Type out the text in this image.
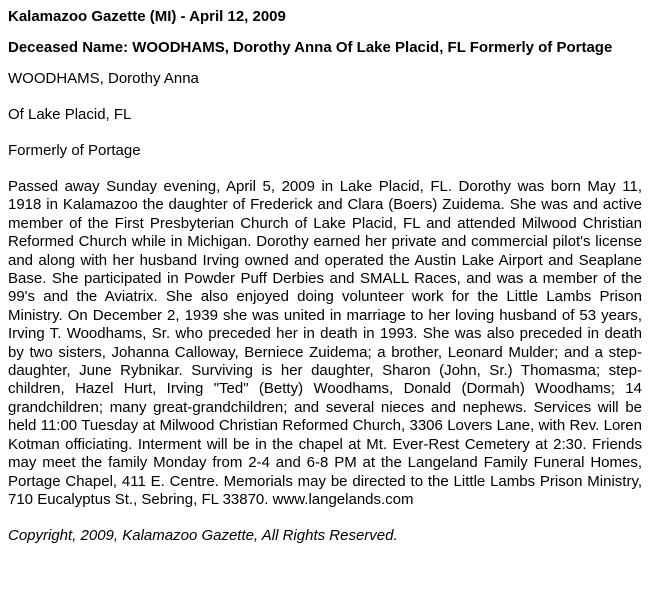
Kalamazoo Gazette (MI) - April 12, 2009
Deceased Name: WOODHAMS, Dorothy Anna Of Lake Placid, FL Formerly of Portage
WOODHAMS, Dorothy Anna
Of Lake Placid, FL
Formerly of Portage
Passed away Sunday evening, April 5, 2009 in Lake Placid, FL. Dorothy was born May 11, 1918 in Kalamazoo the daughter of Frederick and Clara (Boers) Zuidema. She was and active member of the First Presbyterian Church of Lake Placid, FL and attended Milwood Christian Reformed Church while in Michigan. Dorothy earned her private and commercial pilot's license and along with her husband Irving owned and operated the Austin Lake Airport and Seaplane Base. She participated in Powder Puff Derbies and SMALL Races, and was a member of the 99's and the Aviatrix. She also enjoyed doing volunteer work for the Little Lambs Prison Ministry. On December 2, 1939 she was united in marriage to her loving husband of 53 years, Irving T. Woodhams, Sr. who preceded her in death in 1993. She was also preceded in death by two sisters, Johanna Calloway, Berniece Zuidema; a brother, Leonard Mulder; and a step-daughter, June Rybnikar. Surviving is her daughter, Sharon (John, Sr.) Thomasma; step-children, Hazel Hurt, Irving "Ted" (Betty) Woodhams, Donald (Dormah) Woodhams; 14 grandchildren; many great-grandchildren; and several nieces and nephews. Services will be held 11:00 Tuesday at Milwood Christian Reformed Church, 3306 Lovers Lane, with Rev. Loren Kotman officiating. Interment will be in the chapel at Mt. Ever-Rest Cemetery at 2:30. Friends may meet the family Monday from 2-4 and 6-8 PM at the Langeland Family Funeral Homes, Portage Chapel, 411 E. Centre. Memorials may be directed to the Little Lambs Prison Ministry, 710 Eucalyptus St., Sebring, FL 33870. www.langelands.com
Copyright, 2009, Kalamazoo Gazette, All Rights Reserved.
